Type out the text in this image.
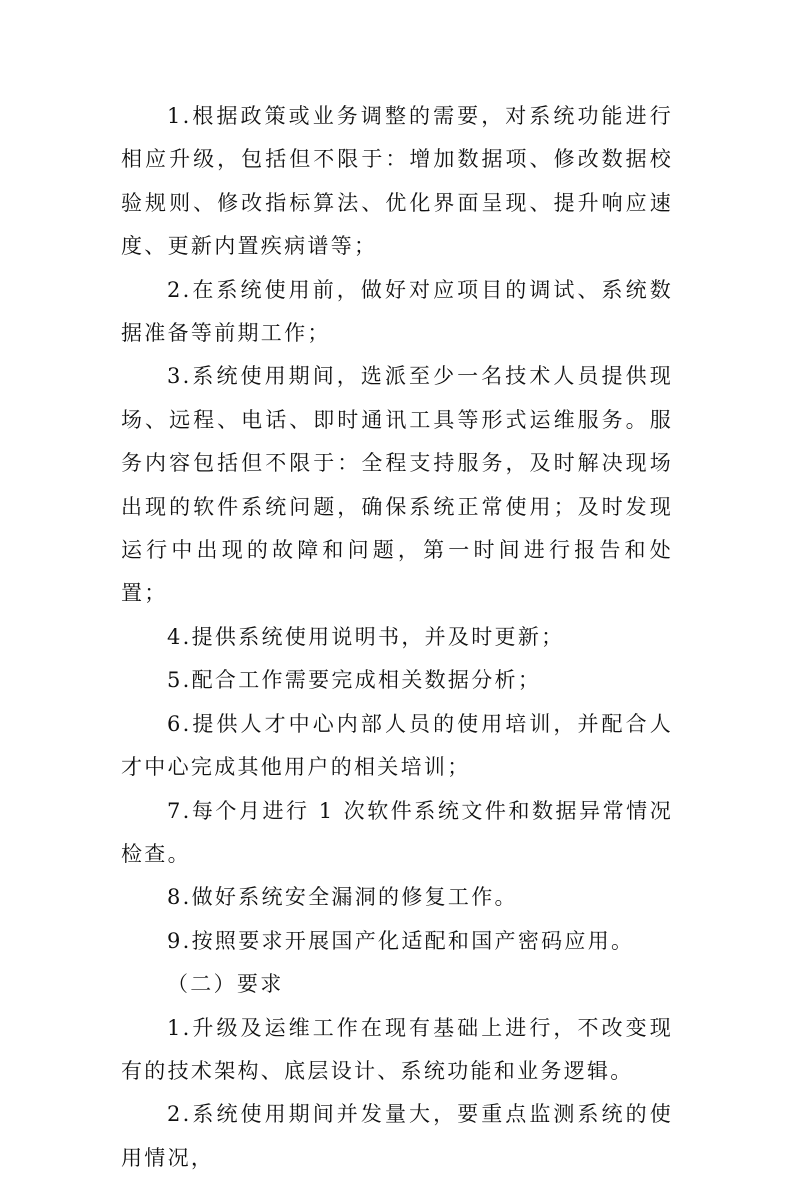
1.根据政策或业务调整的需要，对系统功能进行相应升级，包括但不限于：增加数据项、修改数据校验规则、修改指标算法、优化界面呈现、提升响应速度、更新内置疾病谱等；

2.在系统使用前，做好对应项目的调试、系统数据准备等前期工作；

3.系统使用期间，选派至少一名技术人员提供现场、远程、电话、即时通讯工具等形式运维服务。服务内容包括但不限于：全程支持服务，及时解决现场出现的软件系统问题，确保系统正常使用；及时发现运行中出现的故障和问题，第一时间进行报告和处置；

4.提供系统使用说明书，并及时更新；

5.配合工作需要完成相关数据分析；

6.提供人才中心内部人员的使用培训，并配合人才中心完成其他用户的相关培训；

7.每个月进行 1 次软件系统文件和数据异常情况检查。

8.做好系统安全漏洞的修复工作。

9.按照要求开展国产化适配和国产密码应用。

（二）要求

1.升级及运维工作在现有基础上进行，不改变现有的技术架构、底层设计、系统功能和业务逻辑。

2.系统使用期间并发量大，要重点监测系统的使用情况，
